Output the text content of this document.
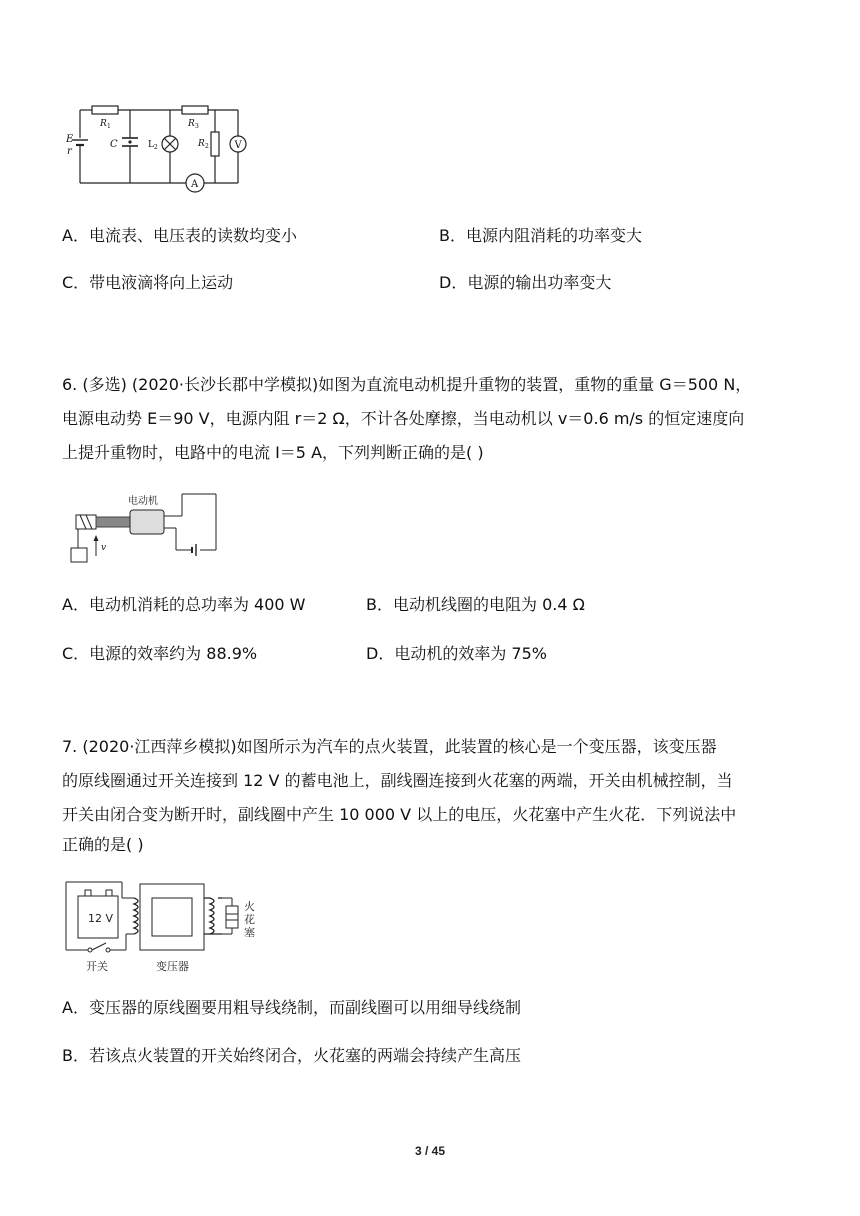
E
r
R 1
C	L 2
R 3
R 2	V
A
A．电流表、电压表的读数均变小	B．电源内阻消耗的功率变大
C．带电液滴将向上运动	D．电源的输出功率变大
6. (多选) (2020·长沙长郡中学模拟)如图为直流电动机提升重物的装置，重物的重量 G＝500 N，
电源电动势 E＝90 V，电源内阻 r＝2 Ω，不计各处摩擦，当电动机以 v＝0.6 m/s 的恒定速度向
上提升重物时，电路中的电流 I＝5 A，下列判断正确的是( )
电动机
v
A．电动机消耗的总功率为 400 W	B．电动机线圈的电阻为 0.4 Ω
C．电源的效率约为 88.9%	D．电动机的效率为 75%
7. (2020·江西萍乡模拟)如图所示为汽车的点火装置，此装置的核心是一个变压器，该变压器
的原线圈通过开关连接到 12 V 的蓄电池上，副线圈连接到火花塞的两端，开关由机械控制，当
开关由闭合变为断开时，副线圈中产生 10 000 V 以上的电压，火花塞中产生火花．下列说法中
正确的是( )
12 V
火
花
塞
开关	变压器
A．变压器的原线圈要用粗导线绕制，而副线圈可以用细导线绕制
B．若该点火装置的开关始终闭合，火花塞的两端会持续产生高压
3 / 45
